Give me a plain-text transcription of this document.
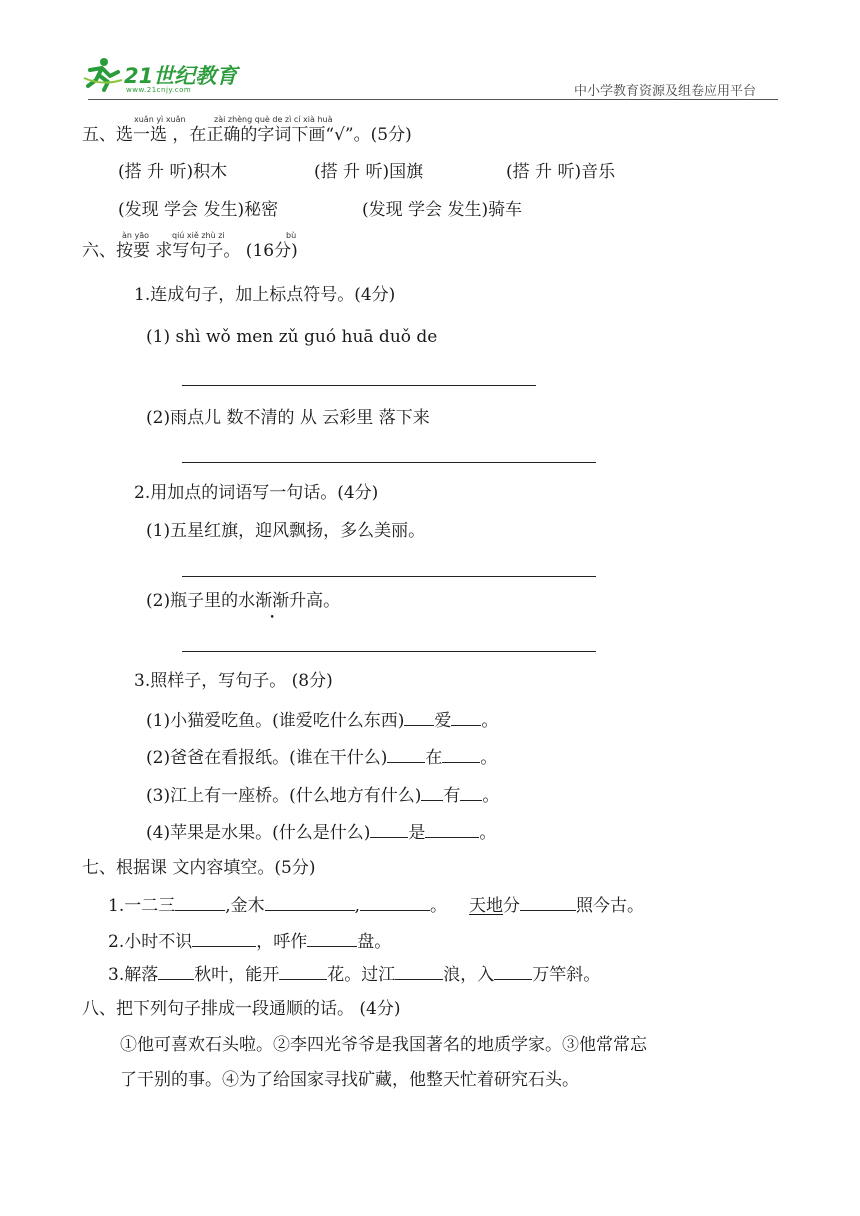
21世纪教育
www.21cnjy.com	中小学教育资源及组卷应用平台
xuǎn yì xuǎn	zài zhèng què de zì cí xià huà
五、选一选 ，在正确的字词下画“√”。(5分)
(搭 升 听)积木	(搭 升 听)国旗	(搭 升 听)音乐
(发现 学会 发生)秘密	(发现 学会 发生)骑车
àn yāo	qiú xiě zhù zi	bù
六、按要 求写句子。 (16分)
1.连成句子，加上标点符号。(4分)
(1) shì wǒ men zǔ guó huā duǒ de
(2)雨点儿 数不清的 从 云彩里 落下来
2.用加点的词语写一句话。(4分)
(1)五星红旗，迎风飘扬，多么美丽。
(2)瓶子里的水渐渐升高。
3.照样子，写句子。 (8分)
(1)小猫爱吃鱼。(谁爱吃什么东西) 爱 。
(2)爸爸在看报纸。(谁在干什么) 在 。
(3)江上有一座桥。(什么地方有什么) 有 。
(4)苹果是水果。(什么是什么) 是	。
七、根据课 文内容填空。(5分)
1.一二三	,金木	,	。 天地分	照今古。
2.小时不识	，呼作	盘。
3.解落 秋叶，能开	花。过江	浪，入 万竿斜。
八、把下列句子排成一段通顺的话。 (4分)
①他可喜欢石头啦。②李四光爷爷是我国著名的地质学家。③他常常忘
了干别的事。④为了给国家寻找矿藏，他整天忙着研究石头。
